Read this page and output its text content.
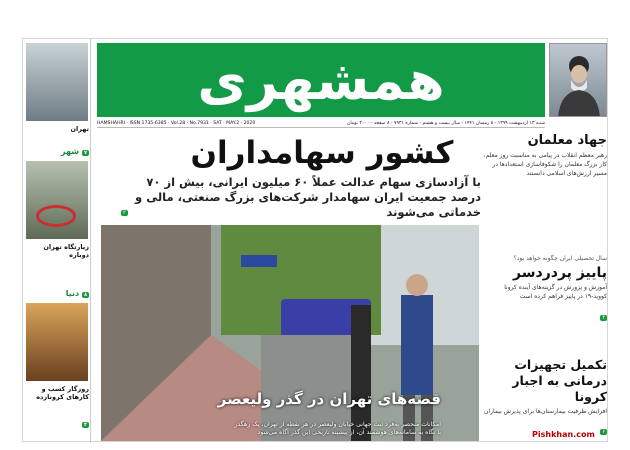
تهران
شهر ۷
زیارتگاه تهران دوباره
دنیا ۸
روزگار کسب و کارهای کرونازده
۴
همشهری
HAMSHAHRI · ISSN 1735-6385 · Vol.28 · No.7931 · SAT · MAY.2 · 2020	شنبه ۱۳ اردیبهشت ۱۳۹۹ - ۸ رمضان ۱۴۴۱ - سال بیست و هشتم - شماره ۷۹۳۱ - ۸ صفحه - ۲۰۰۰ تومان
کشور سهامداران
با آزادسازی سهام عدالت عملاً ۶۰ میلیون ایرانی، بیش از ۷۰ درصد جمعیت ایران سهامدار شرکت‌های بزرگ صنعتی، مالی و خدماتی می‌شوند
۲
قصه‌های تهران در گذر ولیعصر
امکانات منحصر به‌فرد ثبت جهانی خیابان ولیعصر در هر نقطه از تهران، یک رهگذر با نگاه به سامانه‌های هوشمند آن، از پیشینه تاریخی این گذر آگاه می‌شود
جهاد معلمان
رهبر معظم انقلاب در پیامی به مناسبت روز معلم، کار بزرگ معلمان را شکوفاسازی استعدادها در مسیر ارزش‌های اسلامی دانستند
سال تحصیلی ایران چگونه خواهد بود؟
پاییز پردردسر
آموزش و پرورش در گزینه‌های آینده کرونا کووید-۱۹ در پاییز فراهم کرده است
۴
تکمیل تجهیزات درمانی به اجبار کرونا
افزایش ظرفیت بیمارستان‌ها برای پذیرش بیماران
۶
Pishkhan.com
